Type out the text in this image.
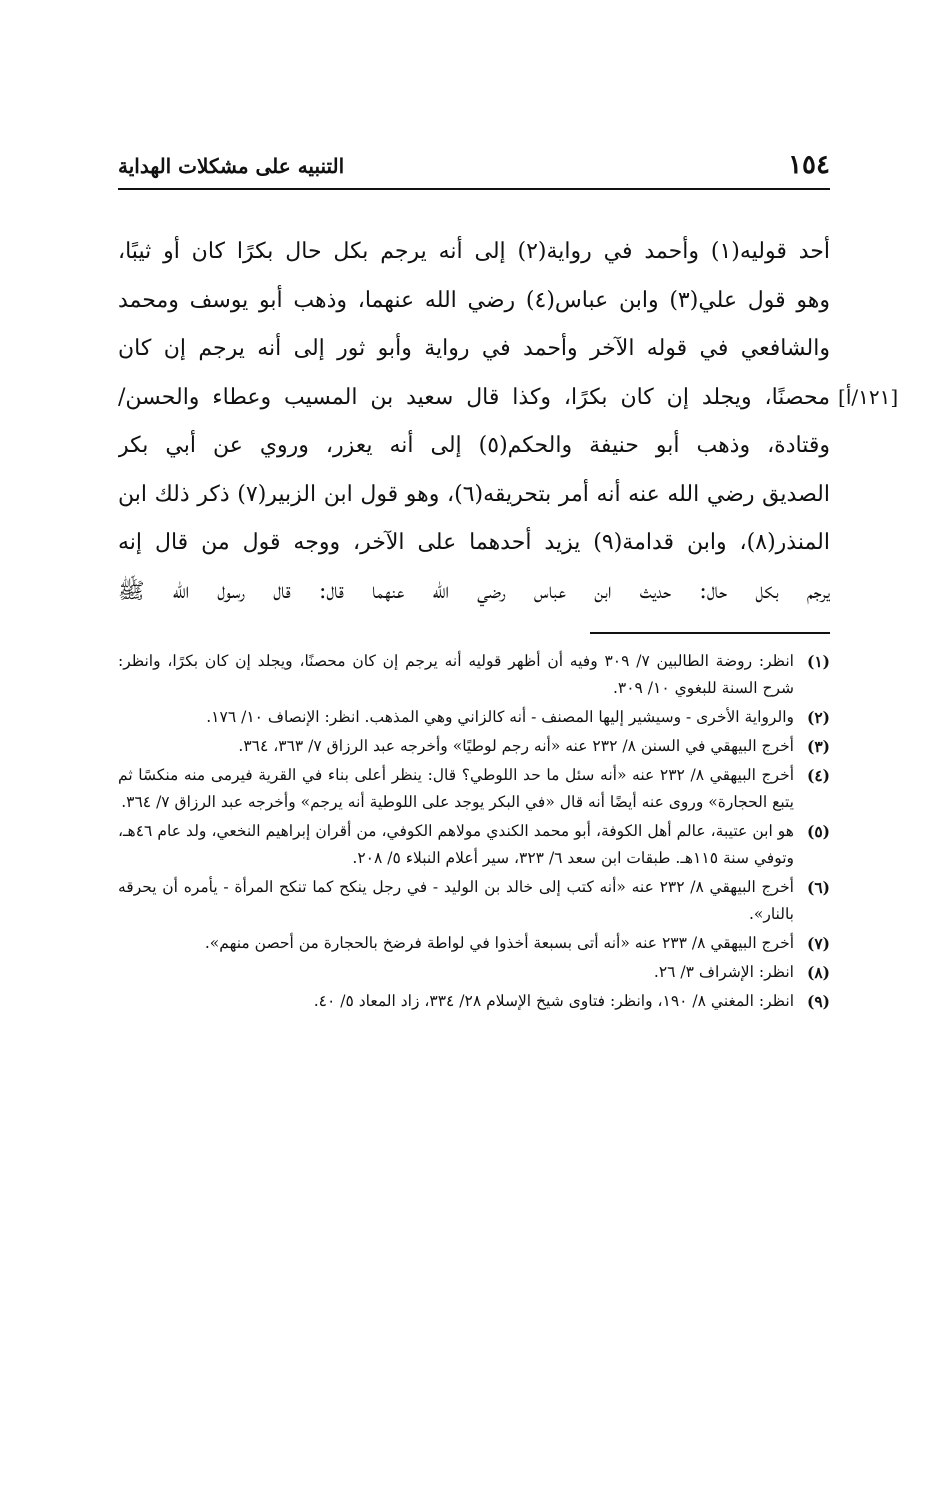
١٥٤
التنبيه على مشكلات الهداية
[١٢١/أ]
أحد قوليه(١) وأحمد في رواية(٢) إلى أنه يرجم بكل حال بكرًا كان أو ثيبًا،
وهو قول علي(٣) وابن عباس(٤) رضي الله عنهما، وذهب أبو يوسف ومحمد
والشافعي في قوله الآخر وأحمد في رواية وأبو ثور إلى أنه يرجم إن كان
محصنًا، ويجلد إن كان بكرًا، وكذا قال سعيد بن المسيب وعطاء والحسن/
وقتادة، وذهب أبو حنيفة والحكم(٥) إلى أنه يعزر، وروي عن أبي بكر
الصديق رضي الله عنه أنه أمر بتحريقه(٦)، وهو قول ابن الزبير(٧) ذكر ذلك ابن
المنذر(٨)، وابن قدامة(٩) يزيد أحدهما على الآخر، ووجه قول من قال إنه
يرجم بكل حال: حديث ابن عباس رضي الله عنهما قال: قال رسول الله ﷺ
(١)
انظر: روضة الطالبين ٧/ ٣٠٩ وفيه أن أظهر قوليه أنه يرجم إن كان محصنًا، ويجلد إن كان بكرًا، وانظر: شرح السنة للبغوي ١٠/ ٣٠٩.
(٢)
والرواية الأخرى - وسيشير إليها المصنف - أنه كالزاني وهي المذهب. انظر: الإنصاف ١٠/ ١٧٦.
(٣)
أخرج البيهقي في السنن ٨/ ٢٣٢ عنه «أنه رجم لوطيًا» وأخرجه عبد الرزاق ٧/ ٣٦٣، ٣٦٤.
(٤)
أخرج البيهقي ٨/ ٢٣٢ عنه «أنه سئل ما حد اللوطي؟ قال: ينظر أعلى بناء في القرية فيرمى منه منكسًا ثم يتبع الحجارة» وروى عنه أيضًا أنه قال «في البكر يوجد على اللوطية أنه يرجم» وأخرجه عبد الرزاق ٧/ ٣٦٤.
(٥)
هو ابن عتيبة، عالم أهل الكوفة، أبو محمد الكندي مولاهم الكوفي، من أقران إبراهيم النخعي، ولد عام ٤٦هـ، وتوفي سنة ١١٥هـ. طبقات ابن سعد ٦/ ٣٢٣، سير أعلام النبلاء ٥/ ٢٠٨.
(٦)
أخرج البيهقي ٨/ ٢٣٢ عنه «أنه كتب إلى خالد بن الوليد - في رجل ينكح كما تنكح المرأة - يأمره أن يحرقه بالنار».
(٧)
أخرج البيهقي ٨/ ٢٣٣ عنه «أنه أتى بسبعة أخذوا في لواطة فرضخ بالحجارة من أحصن منهم».
(٨)
انظر: الإشراف ٣/ ٢٦.
(٩)
انظر: المغني ٨/ ١٩٠، وانظر: فتاوى شيخ الإسلام ٢٨/ ٣٣٤، زاد المعاد ٥/ ٤٠.
